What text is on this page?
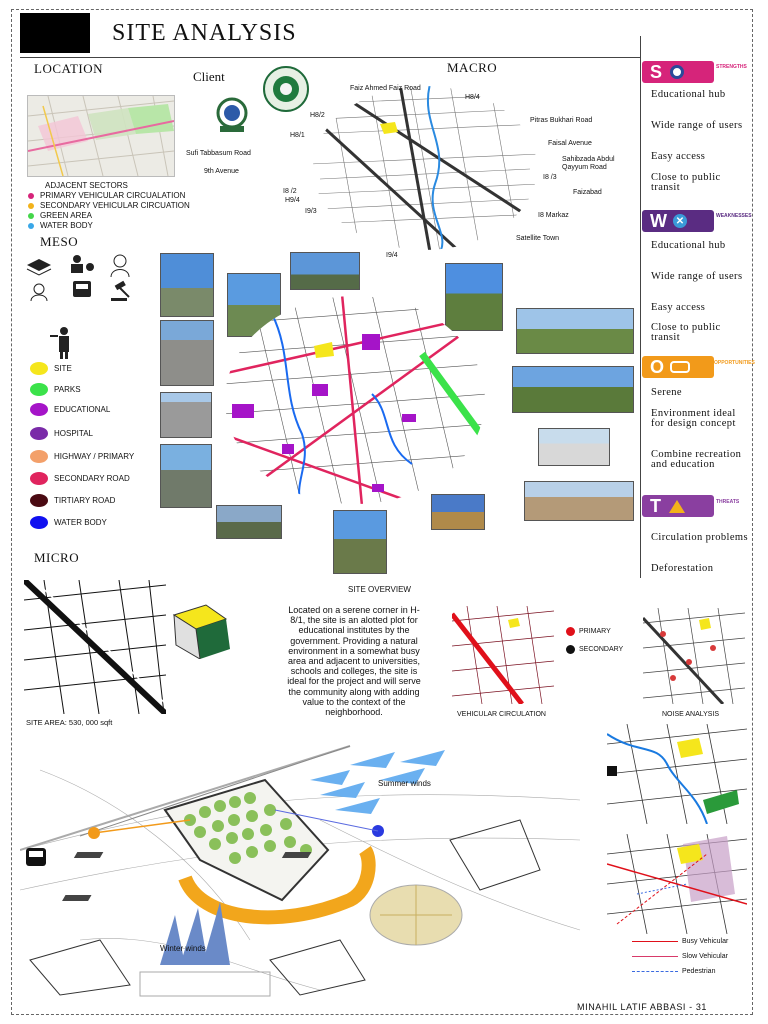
SITE ANALYSIS
LOCATION
Client
ADJACENT SECTORS
PRIMARY VEHICULAR CIRCUALATION
SECONDARY VEHICULAR CIRCUATION
GREEN AREA
WATER BODY
MACRO
Faiz Ahmed Faiz Road
H8/4
H8/2
H8/1
Pitras Bukhari Road
Faisal Avenue
Sufi Tabbasum Road
Sahibzada Abdul Qayyum Road
9th Avenue
I8 /3
I8 /2	Faizabad
H9/4
I9/3
I8 Markaz
Satellite Town
I9/4
MESO
SITE
PARKS
EDUCATIONAL
HOSPITAL
HIGHWAY / PRIMARY
SECONDARY ROAD
TIRTIARY ROAD
WATER BODY
S	STRENGTHS
Educational hub
Wide range of users
Easy access
Close to public transit
W ✕	WEAKNESSES
Educational hub
Wide range of users
Easy access
Close to public transit
O	OPPORTUNITIES
Serene
Environment ideal for design concept
Combine recreation and education
T	THREATS
Circulation problems
Deforestation
MICRO
SITE AREA: 530, 000 sqft
SITE OVERVIEW
Located on a serene corner in H-8/1, the site is an alotted plot for educational institutes by the government. Providing a natural environment in a somewhat busy area and adjacent to universities, schools and colleges, the site is ideal for the project and will serve the community along with adding value to the context of the neighborhood.
PRIMARY
SECONDARY
VEHICULAR CIRCULATION	NOISE ANALYSIS
Summer winds
Winter winds
Busy Vehicular
Slow Vehicular
Pedestrian
MINAHIL LATIF ABBASI - 31
